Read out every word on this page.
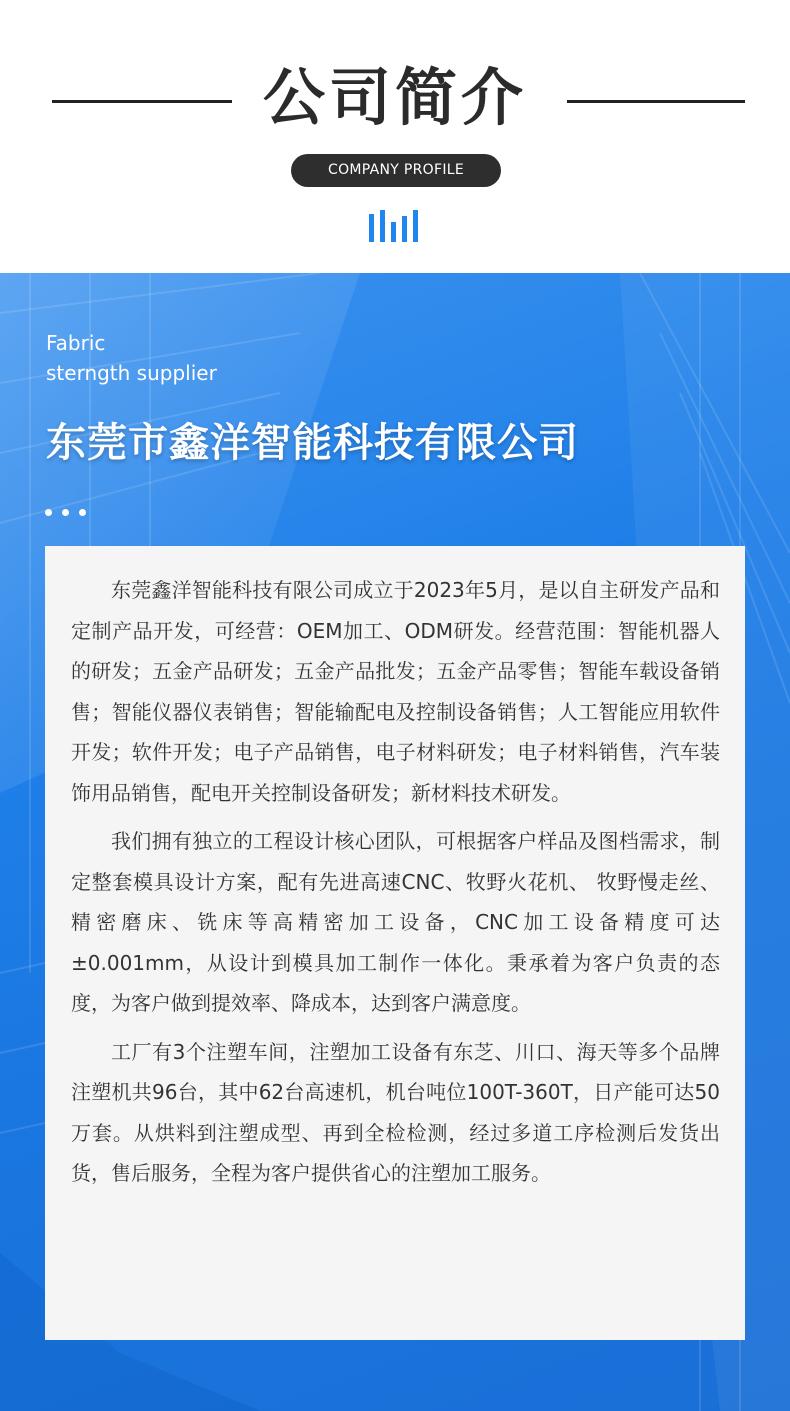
公司简介
COMPANY PROFILE
Fabric
sterngth supplier
东莞市鑫洋智能科技有限公司

东莞鑫洋智能科技有限公司成立于2023年5月，是以自主研发产品和定制产品开发，可经营：OEM加工、ODM研发。经营范围：智能机器人的研发；五金产品研发；五金产品批发；五金产品零售；智能车载设备销售；智能仪器仪表销售；智能输配电及控制设备销售；人工智能应用软件开发；软件开发；电子产品销售，电子材料研发；电子材料销售，汽车装饰用品销售，配电开关控制设备研发；新材料技术研发。

我们拥有独立的工程设计核心团队，可根据客户样品及图档需求，制定整套模具设计方案，配有先进高速CNC、牧野火花机、 牧野慢走丝、精密磨床、铣床等高精密加工设备，CNC加工设备精度可达±0.001mm，从设计到模具加工制作一体化。秉承着为客户负责的态度，为客户做到提效率、降成本，达到客户满意度。

工厂有3个注塑车间，注塑加工设备有东芝、川口、海天等多个品牌注塑机共96台，其中62台高速机，机台吨位100T-360T，日产能可达50万套。从烘料到注塑成型、再到全检检测，经过多道工序检测后发货出货，售后服务，全程为客户提供省心的注塑加工服务。
